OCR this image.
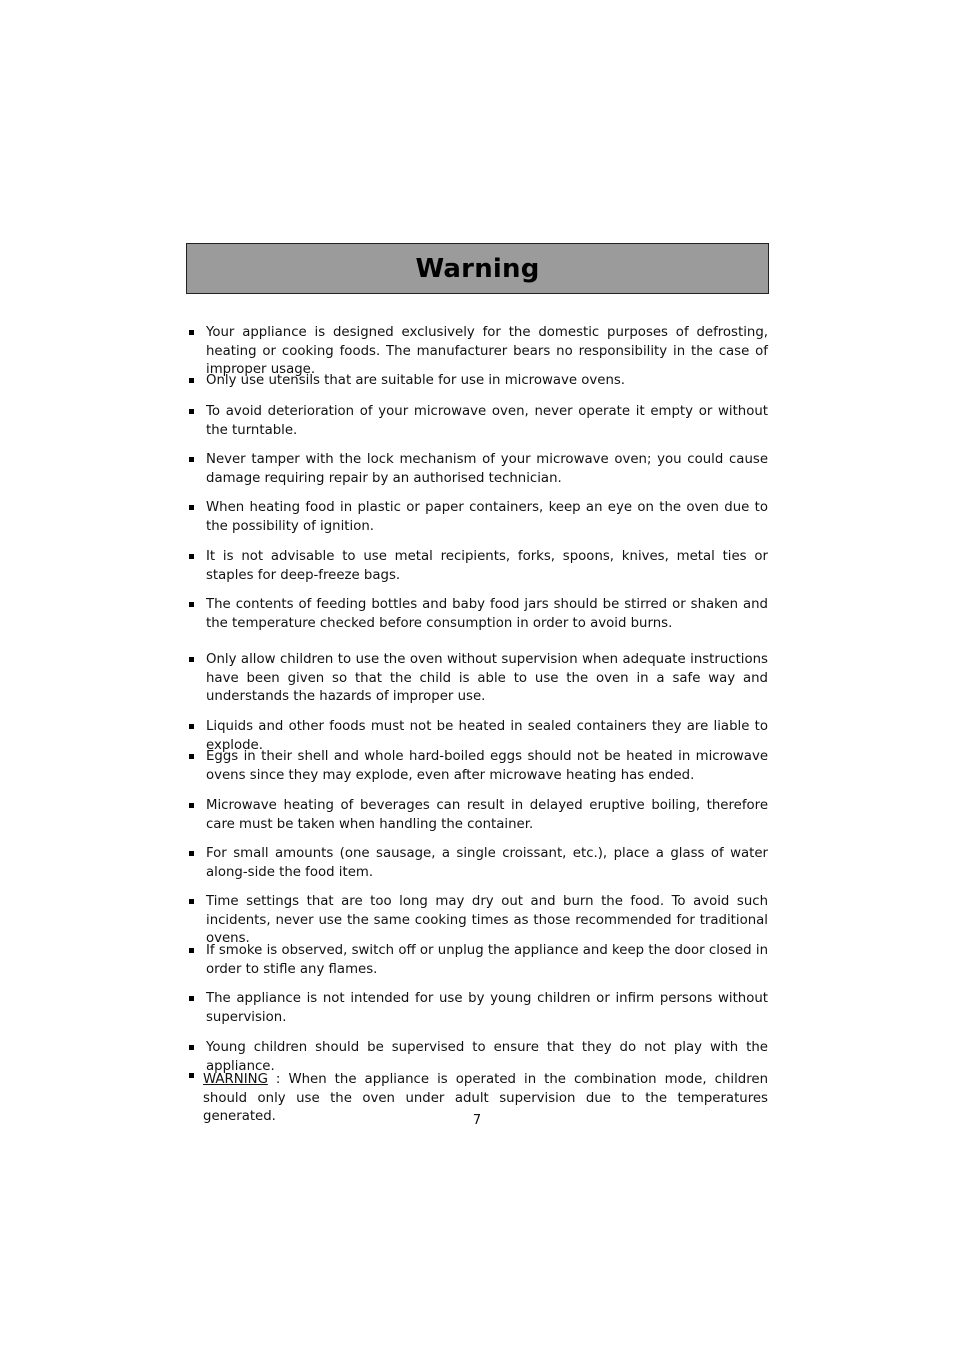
Warning
Your appliance is designed exclusively for the domestic purposes of defrosting, heating or cooking foods. The manufacturer bears no responsibility in the case of improper usage.
Only use utensils that are suitable for use in microwave ovens.
To avoid deterioration of your microwave oven, never operate it empty or without the turntable.
Never tamper with the lock mechanism of your microwave oven; you could cause damage requiring repair by an authorised technician.
When heating food in plastic or paper containers, keep an eye on the oven due to the possibility of ignition.
It is not advisable to use metal recipients, forks, spoons, knives, metal ties or staples for deep-freeze bags.
The contents of feeding bottles and baby food jars should be stirred or shaken and the temperature checked before consumption in order to avoid burns.
Only allow children to use the oven without supervision when adequate instructions have been given so that the child is able to use the oven in a safe way and understands the hazards of improper use.
Liquids and other foods must not be heated in sealed containers they are liable to explode.
Eggs in their shell and whole hard-boiled eggs should not be heated in microwave ovens since they may explode, even after microwave heating has ended.
Microwave heating of beverages can result in delayed eruptive boiling, therefore care must be taken when handling the container.
For small amounts (one sausage, a single croissant, etc.), place a glass of water along-side the food item.
Time settings that are too long may dry out and burn the food. To avoid such incidents, never use the same cooking times as those recommended for traditional ovens.
If smoke is observed, switch off or unplug the appliance and keep the door closed in order to stifle any flames.
The appliance is not intended for use by young children or infirm persons without supervision.
Young children should be supervised to ensure that they do not play with the appliance.
WARNING : When the appliance is operated in the combination mode, children should only use the oven under adult supervision due to the temperatures generated.	7
